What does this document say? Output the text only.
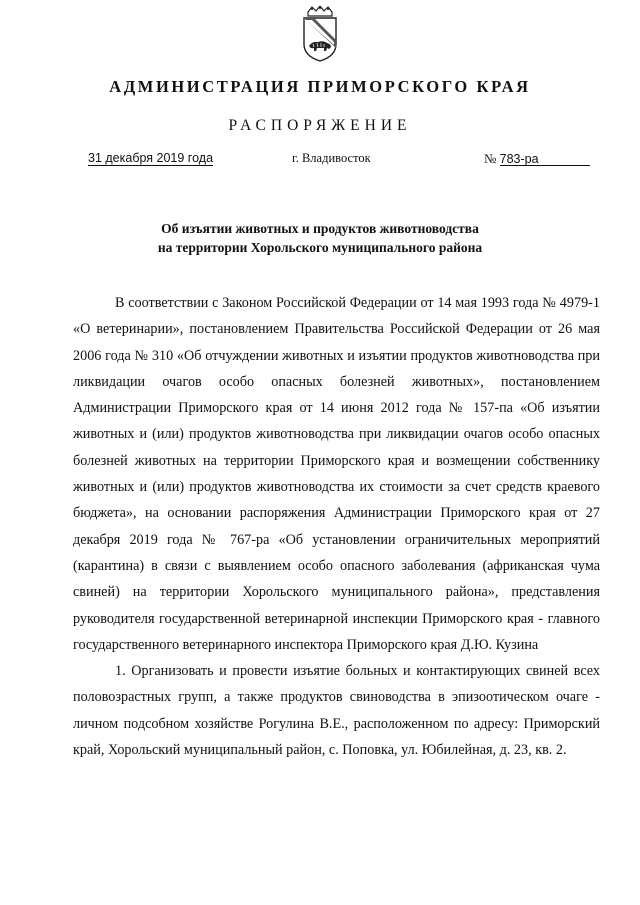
АДМИНИСТРАЦИЯ ПРИМОРСКОГО КРАЯ
РАСПОРЯЖЕНИЕ
31 декабря 2019 года	г. Владивосток	№ 783-ра
Об изъятии животных и продуктов животноводства
на территории Хорольского муниципального района

В соответствии с Законом Российской Федерации от 14 мая 1993 года № 4979-1 «О ветеринарии», постановлением Правительства Российской Федерации от 26 мая 2006 года № 310 «Об отчуждении животных и изъятии продуктов животноводства при ликвидации очагов особо опасных болезней животных», постановлением Администрации Приморского края от 14 июня 2012 года № 157-па «Об изъятии животных и (или) продуктов животноводства при ликвидации очагов особо опасных болезней животных на территории Приморского края и возмещении собственнику животных и (или) продуктов животноводства их стоимости за счет средств краевого бюджета», на основании распоряжения Администрации Приморского края от 27 декабря 2019 года № 767-ра «Об установлении ограничительных мероприятий (карантина) в связи с выявлением особо опасного заболевания (африканская чума свиней) на территории Хорольского муниципального района», представления руководителя государственной ветеринарной инспекции Приморского края - главного государственного ветеринарного инспектора Приморского края Д.Ю. Кузина

1. Организовать и провести изъятие больных и контактирующих свиней всех половозрастных групп, а также продуктов свиноводства в эпизоотическом очаге - личном подсобном хозяйстве Рогулина В.Е., расположенном по адресу: Приморский край, Хорольский муниципальный район, с. Поповка, ул. Юбилейная, д. 23, кв. 2.
